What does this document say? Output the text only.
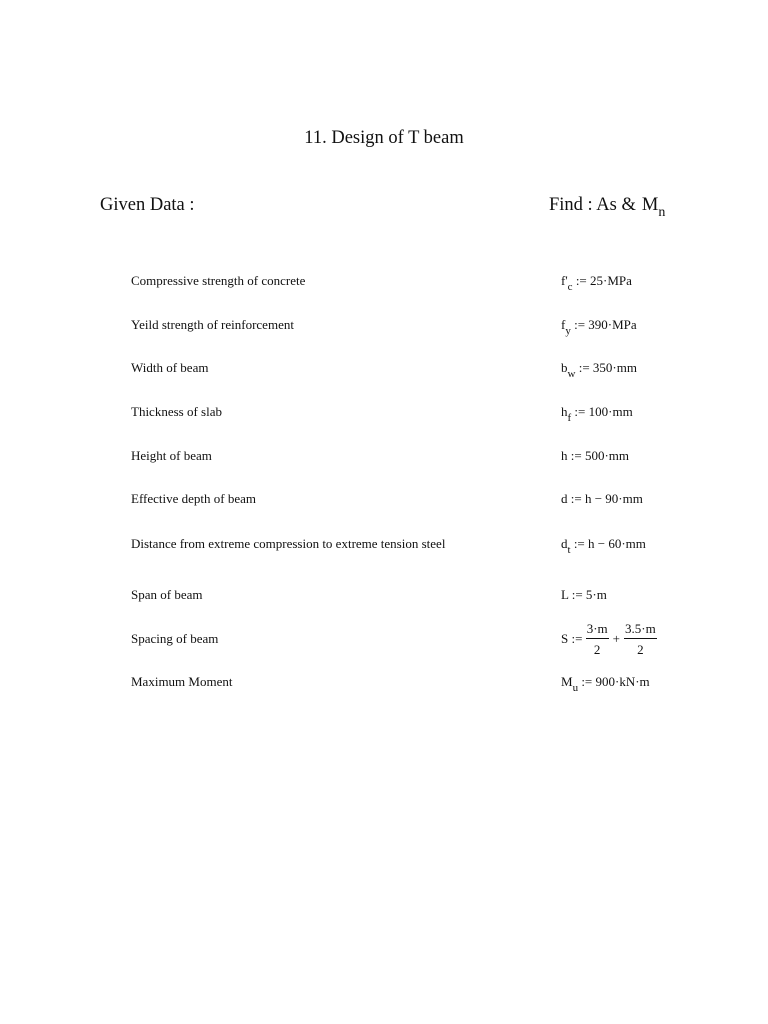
11. Design of T beam
Given Data :	Find : As & $M_n$
Compressive strength of concrete	$f'_c$ := 25·MPa
Yeild strength of reinforcement	$f_y$ := 390·MPa
Width of beam	$b_w$ := 350·mm
Thickness of slab	$h_f$ := 100·mm
Height of beam	h := 500·mm
Effective depth of beam	d := h − 90·mm
Distance from extreme compression to extreme tension steel	$d_t$ := h − 60·mm
Span of beam	L := 5·m
Spacing of beam	S := $\frac{3\cdot m}{2} + \frac{3.5\cdot m}{2}$
Maximum Moment	$M_u$ := 900·kN·m
